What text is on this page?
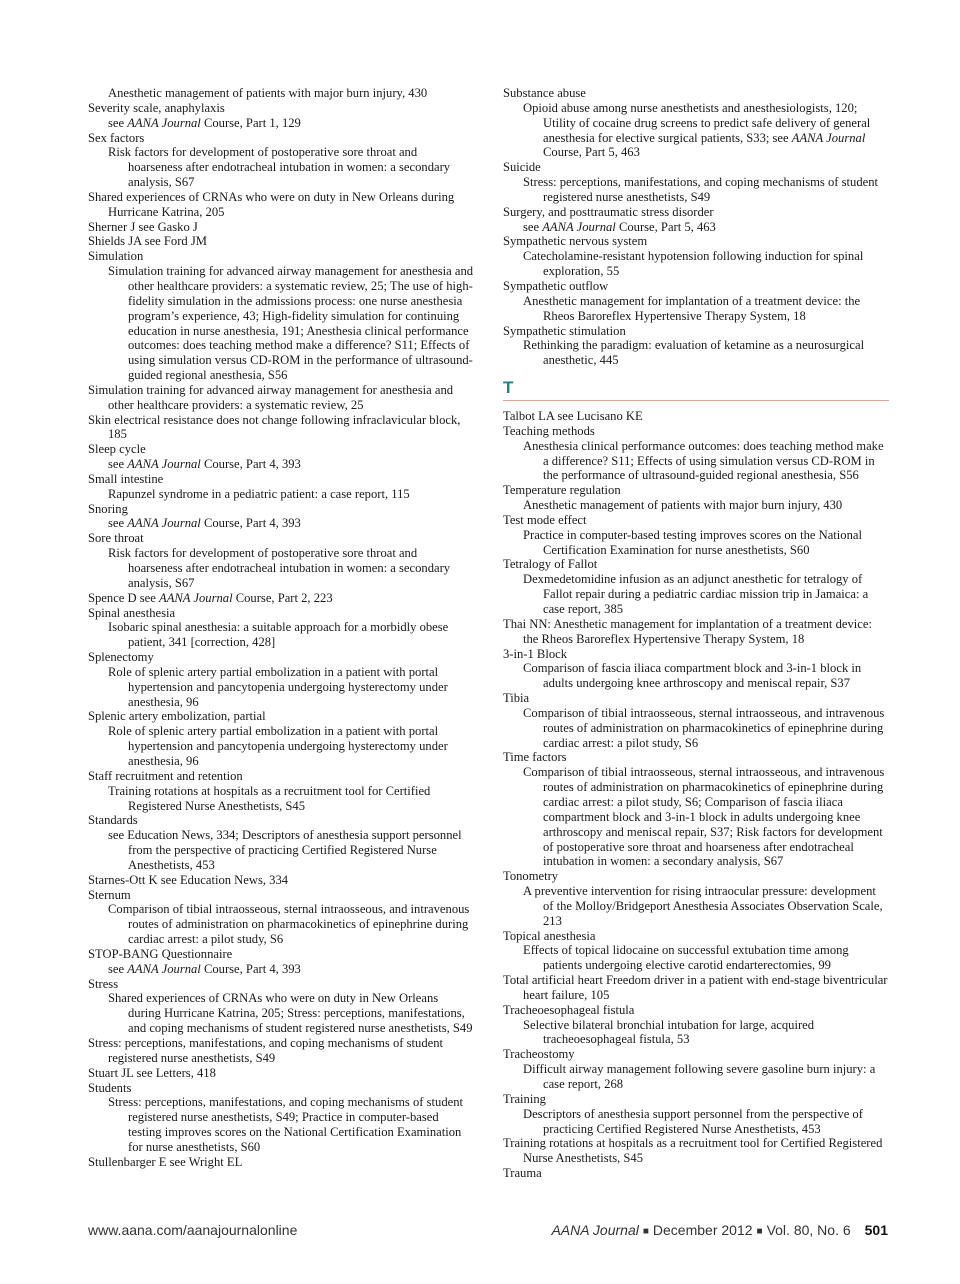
Anesthetic management of patients with major burn injury, 430
Severity scale, anaphylaxis
see AANA Journal Course, Part 1, 129
Sex factors
Risk factors for development of postoperative sore throat and hoarseness after endotracheal intubation in women: a secondary analysis, S67
Shared experiences of CRNAs who were on duty in New Orleans during Hurricane Katrina, 205
Sherner J see Gasko J
Shields JA see Ford JM
Simulation
Simulation training for advanced airway management for anesthesia and other healthcare providers: a systematic review, 25; The use of high-fidelity simulation in the admissions process: one nurse anesthesia program’s experience, 43; High-fidelity simulation for continuing education in nurse anesthesia, 191; Anesthesia clinical performance outcomes: does teaching method make a difference? S11; Effects of using simulation versus CD-ROM in the performance of ultrasound-guided regional anesthesia, S56
Simulation training for advanced airway management for anesthesia and other healthcare providers: a systematic review, 25
Skin electrical resistance does not change following infraclavicular block, 185
Sleep cycle
see AANA Journal Course, Part 4, 393
Small intestine
Rapunzel syndrome in a pediatric patient: a case report, 115
Snoring
see AANA Journal Course, Part 4, 393
Sore throat
Risk factors for development of postoperative sore throat and hoarseness after endotracheal intubation in women: a secondary analysis, S67
Spence D see AANA Journal Course, Part 2, 223
Spinal anesthesia
Isobaric spinal anesthesia: a suitable approach for a morbidly obese patient, 341 [correction, 428]
Splenectomy
Role of splenic artery partial embolization in a patient with portal hypertension and pancytopenia undergoing hysterectomy under anesthesia, 96
Splenic artery embolization, partial
Role of splenic artery partial embolization in a patient with portal hypertension and pancytopenia undergoing hysterectomy under anesthesia, 96
Staff recruitment and retention
Training rotations at hospitals as a recruitment tool for Certified Registered Nurse Anesthetists, S45
Standards
see Education News, 334; Descriptors of anesthesia support personnel from the perspective of practicing Certified Registered Nurse Anesthetists, 453
Starnes-Ott K see Education News, 334
Sternum
Comparison of tibial intraosseous, sternal intraosseous, and intravenous routes of administration on pharmacokinetics of epinephrine during cardiac arrest: a pilot study, S6
STOP-BANG Questionnaire
see AANA Journal Course, Part 4, 393
Stress
Shared experiences of CRNAs who were on duty in New Orleans during Hurricane Katrina, 205; Stress: perceptions, manifestations, and coping mechanisms of student registered nurse anesthetists, S49
Stress: perceptions, manifestations, and coping mechanisms of student registered nurse anesthetists, S49
Stuart JL see Letters, 418
Students
Stress: perceptions, manifestations, and coping mechanisms of student registered nurse anesthetists, S49; Practice in computer-based testing improves scores on the National Certification Examination for nurse anesthetists, S60
Stullenbarger E see Wright EL
Substance abuse
Opioid abuse among nurse anesthetists and anesthesiologists, 120; Utility of cocaine drug screens to predict safe delivery of general anesthesia for elective surgical patients, S33; see AANA Journal Course, Part 5, 463
Suicide
Stress: perceptions, manifestations, and coping mechanisms of student registered nurse anesthetists, S49
Surgery, and posttraumatic stress disorder
see AANA Journal Course, Part 5, 463
Sympathetic nervous system
Catecholamine-resistant hypotension following induction for spinal exploration, 55
Sympathetic outflow
Anesthetic management for implantation of a treatment device: the Rheos Baroreflex Hypertensive Therapy System, 18
Sympathetic stimulation
Rethinking the paradigm: evaluation of ketamine as a neurosurgical anesthetic, 445
T
Talbot LA see Lucisano KE
Teaching methods
Anesthesia clinical performance outcomes: does teaching method make a difference? S11; Effects of using simulation versus CD-ROM in the performance of ultrasound-guided regional anesthesia, S56
Temperature regulation
Anesthetic management of patients with major burn injury, 430
Test mode effect
Practice in computer-based testing improves scores on the National Certification Examination for nurse anesthetists, S60
Tetralogy of Fallot
Dexmedetomidine infusion as an adjunct anesthetic for tetralogy of Fallot repair during a pediatric cardiac mission trip in Jamaica: a case report, 385
Thai NN: Anesthetic management for implantation of a treatment device: the Rheos Baroreflex Hypertensive Therapy System, 18
3-in-1 Block
Comparison of fascia iliaca compartment block and 3-in-1 block in adults undergoing knee arthroscopy and meniscal repair, S37
Tibia
Comparison of tibial intraosseous, sternal intraosseous, and intravenous routes of administration on pharmacokinetics of epinephrine during cardiac arrest: a pilot study, S6
Time factors
Comparison of tibial intraosseous, sternal intraosseous, and intravenous routes of administration on pharmacokinetics of epinephrine during cardiac arrest: a pilot study, S6; Comparison of fascia iliaca compartment block and 3-in-1 block in adults undergoing knee arthroscopy and meniscal repair, S37; Risk factors for development of postoperative sore throat and hoarseness after endotracheal intubation in women: a secondary analysis, S67
Tonometry
A preventive intervention for rising intraocular pressure: development of the Molloy/Bridgeport Anesthesia Associates Observation Scale, 213
Topical anesthesia
Effects of topical lidocaine on successful extubation time among patients undergoing elective carotid endarterectomies, 99
Total artificial heart Freedom driver in a patient with end-stage biventricular heart failure, 105
Tracheoesophageal fistula
Selective bilateral bronchial intubation for large, acquired tracheoesophageal fistula, 53
Tracheostomy
Difficult airway management following severe gasoline burn injury: a case report, 268
Training
Descriptors of anesthesia support personnel from the perspective of practicing Certified Registered Nurse Anesthetists, 453
Training rotations at hospitals as a recruitment tool for Certified Registered Nurse Anesthetists, S45
Trauma
www.aana.com/aanajournalonline	AANA Journal ■ December 2012 ■ Vol. 80, No. 6 501
